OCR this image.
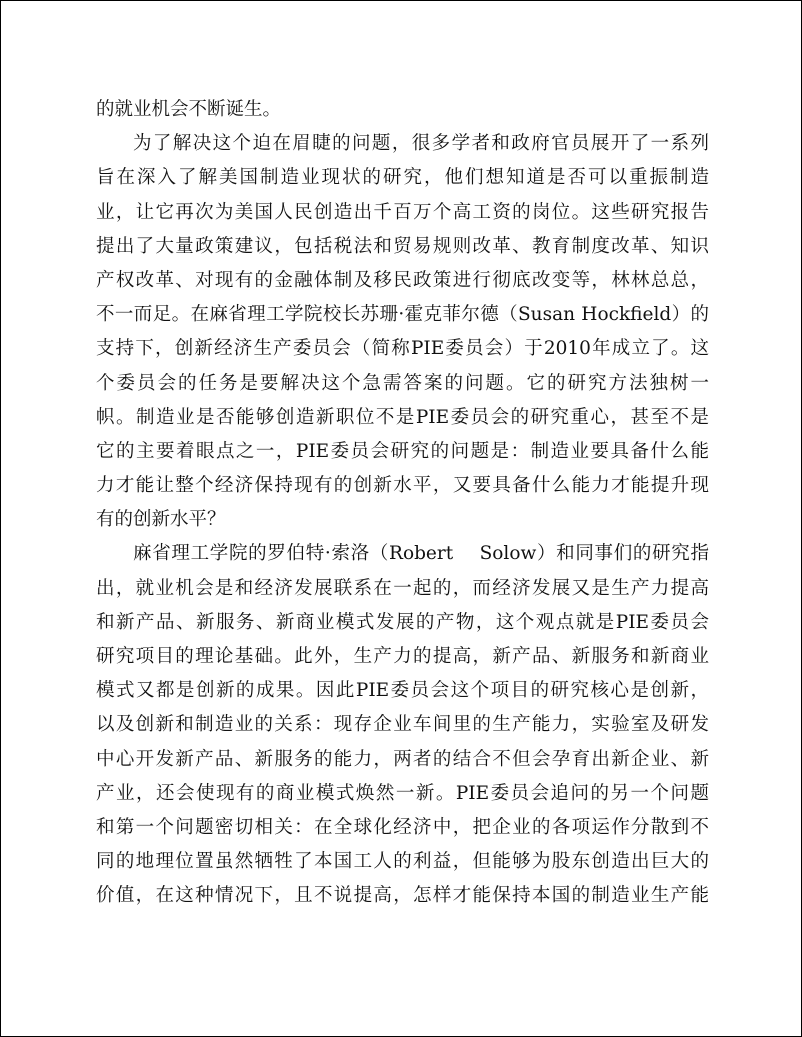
的就业机会不断诞生。
为了解决这个迫在眉睫的问题，很多学者和政府官员展开了一系列
旨在深入了解美国制造业现状的研究，他们想知道是否可以重振制造
业，让它再次为美国人民创造出千百万个高工资的岗位。这些研究报告
提出了大量政策建议，包括税法和贸易规则改革、教育制度改革、知识
产权改革、对现有的金融体制及移民政策进行彻底改变等，林林总总，
不一而足。在麻省理工学院校长苏珊·霍克菲尔德（Susan Hockfield）的
支持下，创新经济生产委员会（简称PIE委员会）于2010年成立了。这
个委员会的任务是要解决这个急需答案的问题。它的研究方法独树一
帜。制造业是否能够创造新职位不是PIE委员会的研究重心，甚至不是
它的主要着眼点之一，PIE委员会研究的问题是：制造业要具备什么能
力才能让整个经济保持现有的创新水平，又要具备什么能力才能提升现
有的创新水平？
麻省理工学院的罗伯特·索洛（Robert　 Solow）和同事们的研究指
出，就业机会是和经济发展联系在一起的，而经济发展又是生产力提高
和新产品、新服务、新商业模式发展的产物，这个观点就是PIE委员会
研究项目的理论基础。此外，生产力的提高，新产品、新服务和新商业
模式又都是创新的成果。因此PIE委员会这个项目的研究核心是创新，
以及创新和制造业的关系：现存企业车间里的生产能力，实验室及研发
中心开发新产品、新服务的能力，两者的结合不但会孕育出新企业、新
产业，还会使现有的商业模式焕然一新。PIE委员会追问的另一个问题
和第一个问题密切相关：在全球化经济中，把企业的各项运作分散到不
同的地理位置虽然牺牲了本国工人的利益，但能够为股东创造出巨大的
价值，在这种情况下，且不说提高，怎样才能保持本国的制造业生产能
